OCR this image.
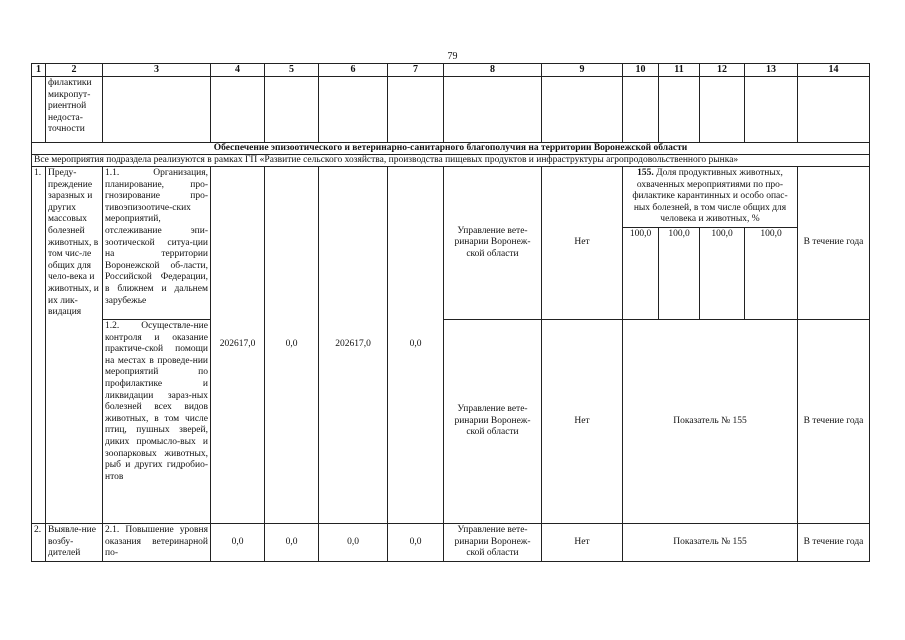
79
1	2	3	4	5	6	7	8	9	10	11	12	13	14
	филактики микропут-риентной недоста-точности												
Обеспечение эпизоотического и ветеринарно-санитарного благополучия на территории Воронежской области													
Все мероприятия подраздела реализуются в рамках ГП «Развитие сельского хозяйства, производства пищевых продуктов и инфраструктуры агропродовольственного рынка»													
1.	Преду-преждение заразных и других массовых болезней животных, в том чис-ле общих для чело-века и животных, и их лик-видация	1.1. Организация, планирование, про-гнозирование про-тивоэпизоотиче-ских мероприятий, отслеживание эпи-зоотической ситуа-ции на территории Воронежской об-ласти, Российской Федерации, в ближнем и дальнем зарубежье	202617,0	0,0	202617,0	0,0	Управление вете-ринарии Воронеж-ской области	Нет	155. Доля продуктивных животных, охваченных мероприятиями по про-филактике карантинных и особо опас-ных болезней, в том числе общих для человека и животных, %				В течение года
									100,0	100,0	100,0	100,0	
		1.2. Осуществле-ние контроля и оказание практиче-ской помощи на местах в проведе-нии мероприятий по профилактике и ликвидации зараз-ных болезней всех видов животных, в том числе птиц, пушных зверей, диких промысло-вых и зоопарковых животных, рыб и других гидробио-нтов					Управление вете-ринарии Воронеж-ской области	Нет	Показатель № 155				В течение года
2.	Выявле-ние возбу-дителей	2.1. Повышение уровня оказания ветеринарной по-	0,0	0,0	0,0	0,0	Управление вете-ринарии Воронеж-ской области	Нет	Показатель № 155				В течение года
